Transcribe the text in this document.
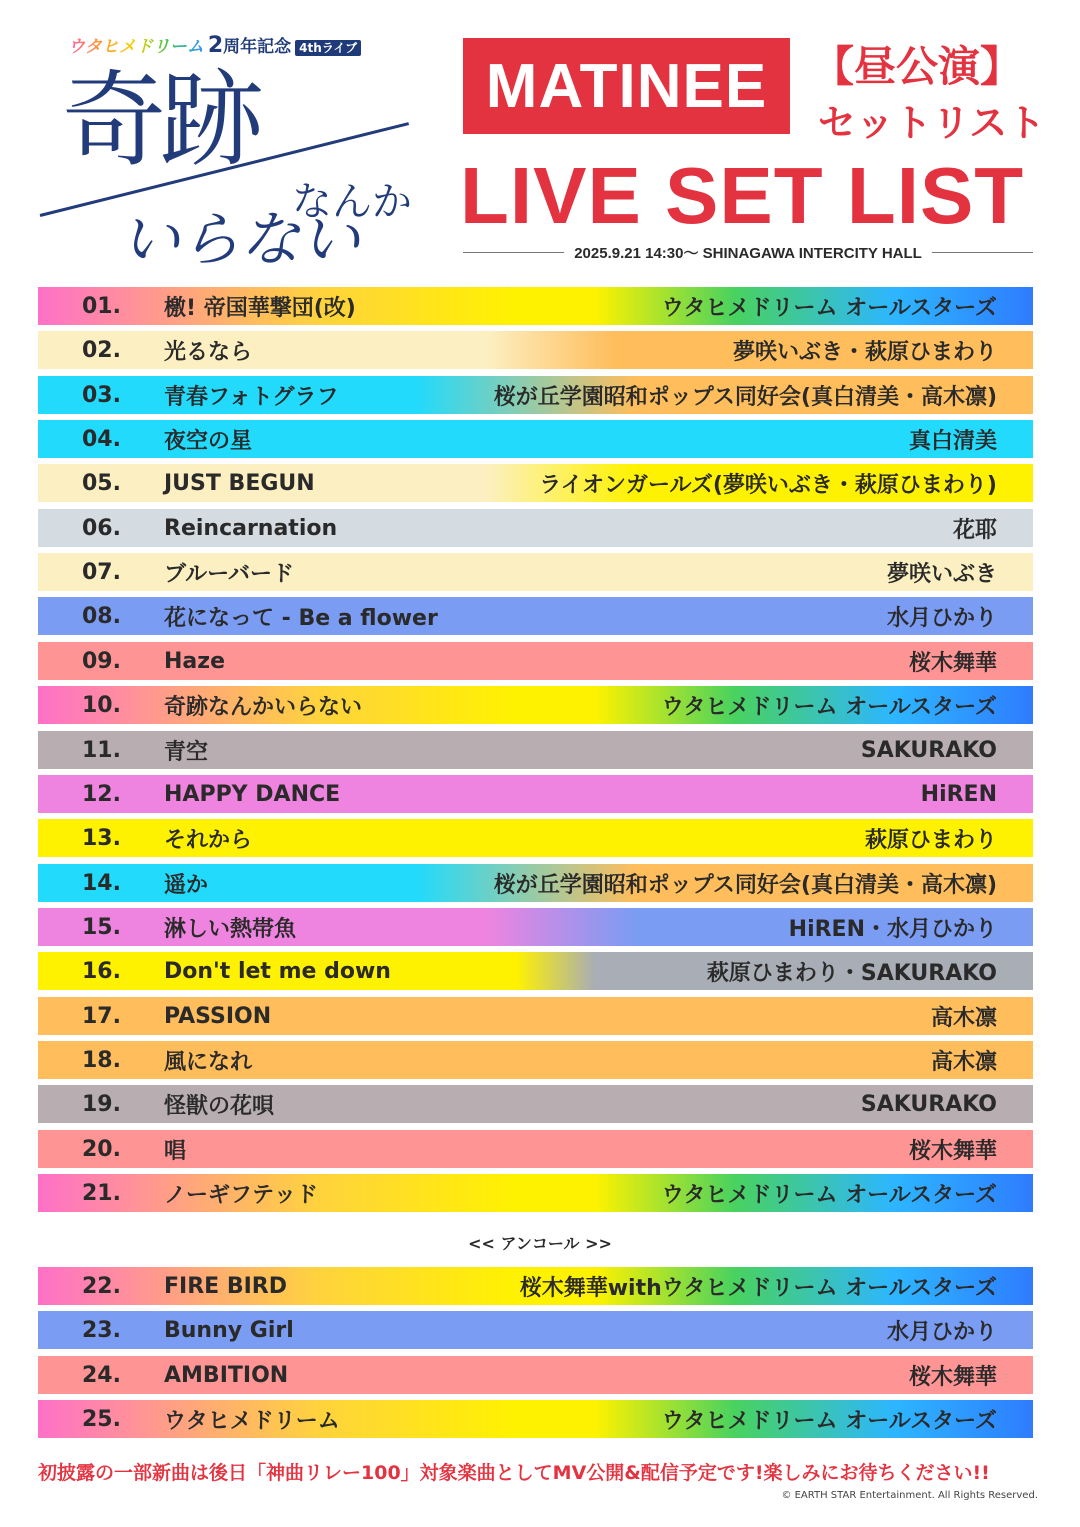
ウタヒメドリーム 2周年記念 4thライブ
奇跡
なんか
いらない
MATINEE	【昼公演】
セットリスト
LIVE SET LIST
2025.9.21 14:30〜 SHINAGAWA INTERCITY HALL
01.	檄! 帝国華撃団(改)	ウタヒメドリーム オールスターズ
02.	光るなら	夢咲いぶき・萩原ひまわり
03.	青春フォトグラフ	桜が丘学園昭和ポップス同好会(真白清美・高木凛)
04.	夜空の星	真白清美
05.	JUST BEGUN	ライオンガールズ(夢咲いぶき・萩原ひまわり)
06.	Reincarnation	花耶
07.	ブルーバード	夢咲いぶき
08.	花になって - Be a flower	水月ひかり
09.	Haze	桜木舞華
10.	奇跡なんかいらない	ウタヒメドリーム オールスターズ
11.	青空	SAKURAKO
12.	HAPPY DANCE	HiREN
13.	それから	萩原ひまわり
14.	遥か	桜が丘学園昭和ポップス同好会(真白清美・高木凛)
15.	淋しい熱帯魚	HiREN・水月ひかり
16.	Don't let me down	萩原ひまわり・SAKURAKO
17.	PASSION	高木凛
18.	風になれ	高木凛
19.	怪獣の花唄	SAKURAKO
20.	唱	桜木舞華
21.	ノーギフテッド	ウタヒメドリーム オールスターズ
22.	FIRE BIRD	桜木舞華withウタヒメドリーム オールスターズ
23.	Bunny Girl	水月ひかり
24.	AMBITION	桜木舞華
25.	ウタヒメドリーム	ウタヒメドリーム オールスターズ
<< アンコール >>
初披露の一部新曲は後日「神曲リレー100」対象楽曲としてMV公開&配信予定です!楽しみにお待ちください!!
© EARTH STAR Entertainment. All Rights Reserved.
